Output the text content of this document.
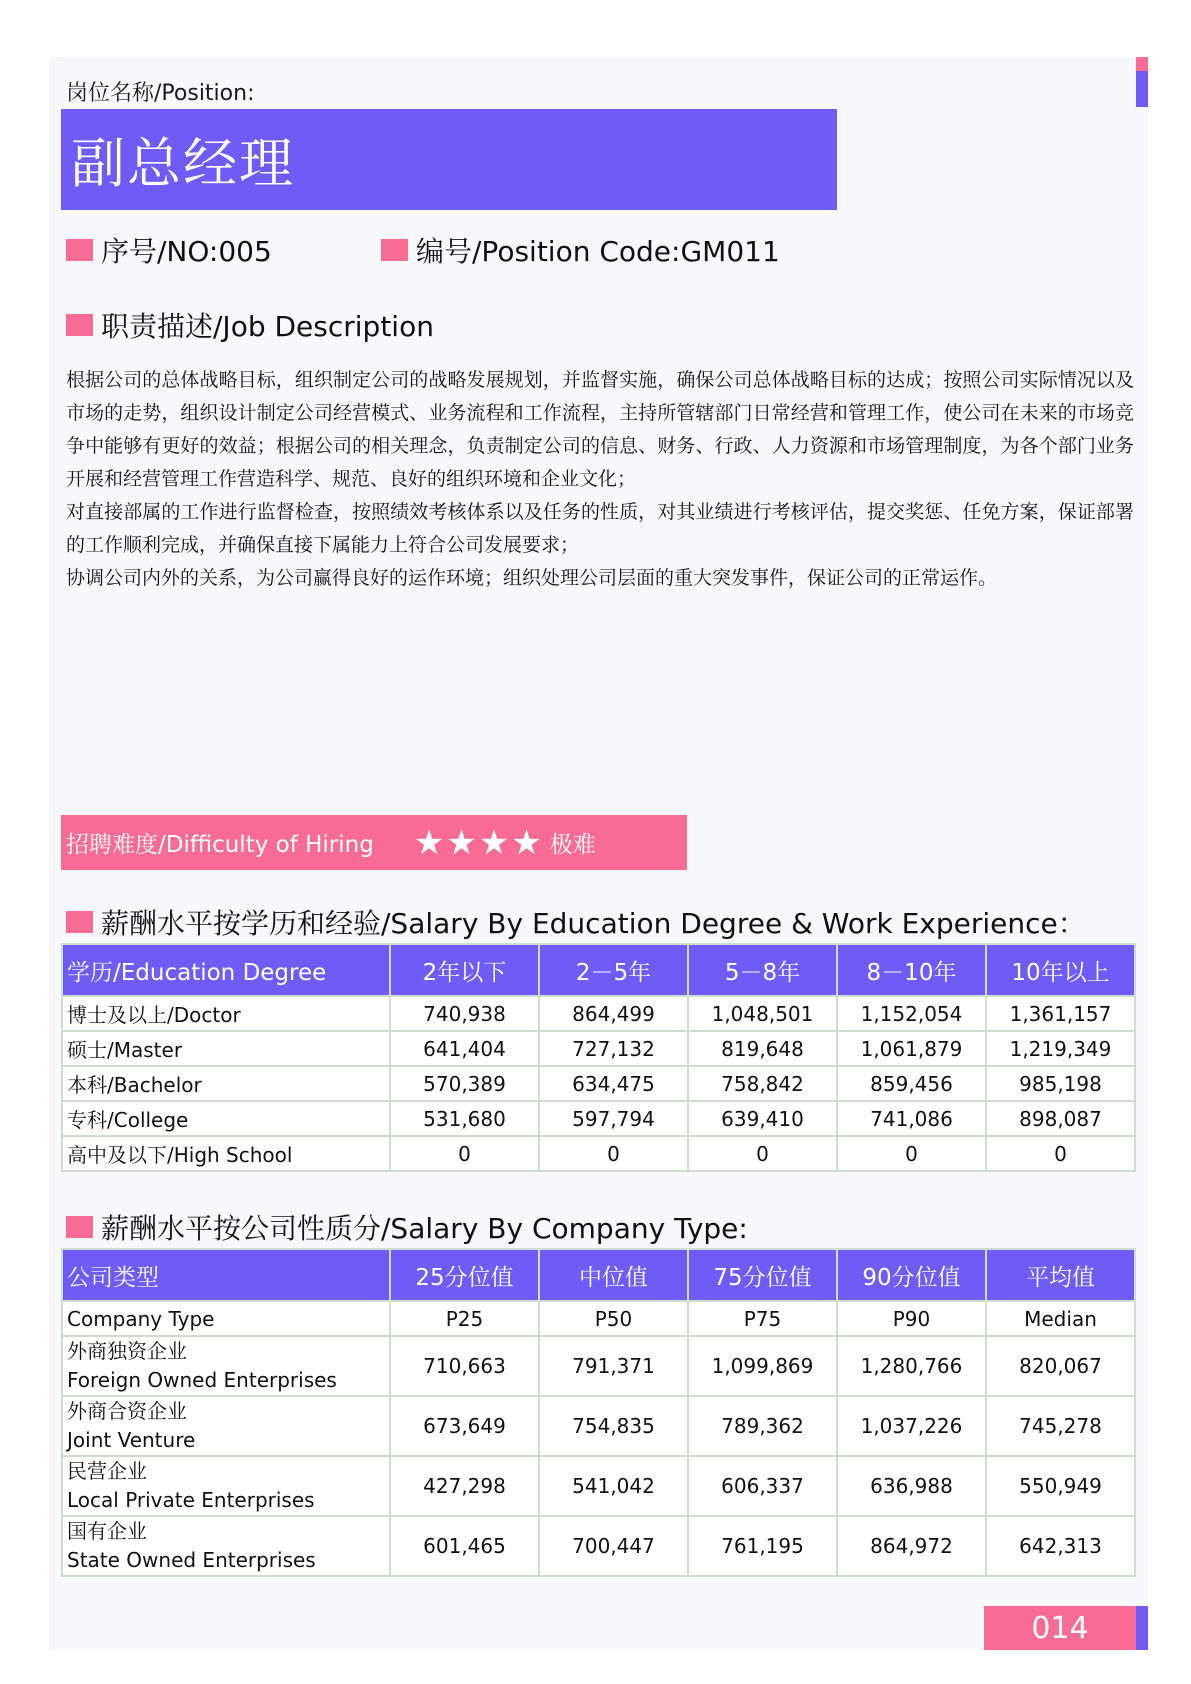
岗位名称/Position:
副总经理
序号/NO:005	编号/Position Code:GM011
职责描述/Job Description

根据公司的总体战略目标，组织制定公司的战略发展规划，并监督实施，确保公司总体战略目标的达成；按照公司实际情况以及市场的走势，组织设计制定公司经营模式、业务流程和工作流程，主持所管辖部门日常经营和管理工作，使公司在未来的市场竞争中能够有更好的效益；根据公司的相关理念，负责制定公司的信息、财务、行政、人力资源和市场管理制度，为各个部门业务开展和经营管理工作营造科学、规范、良好的组织环境和企业文化；

对直接部属的工作进行监督检查，按照绩效考核体系以及任务的性质，对其业绩进行考核评估，提交奖惩、任免方案，保证部署的工作顺利完成，并确保直接下属能力上符合公司发展要求；

协调公司内外的关系，为公司赢得良好的运作环境；组织处理公司层面的重大突发事件，保证公司的正常运作。

招聘难度/Difficulty of Hiring ★★★★ 极难
薪酬水平按学历和经验/Salary By Education Degree & Work Experience：
学历/Education Degree	2年以下	2－5年	5－8年	8－10年	10年以上
博士及以上/Doctor	740,938	864,499	1,048,501	1,152,054	1,361,157
硕士/Master	641,404	727,132	819,648	1,061,879	1,219,349
本科/Bachelor	570,389	634,475	758,842	859,456	985,198
专科/College	531,680	597,794	639,410	741,086	898,087
高中及以下/High School	0	0	0	0	0
薪酬水平按公司性质分/Salary By Company Type:
公司类型	25分位值	中位值	75分位值	90分位值	平均值
Company Type	P25	P50	P75	P90	Median

外商独资企业
Foreign Owned Enterprises	710,663	791,371	1,099,869	1,280,766	820,067

外商合资企业
Joint Venture	673,649	754,835	789,362	1,037,226	745,278

民营企业
Local Private Enterprises	427,298	541,042	606,337	636,988	550,949

国有企业
State Owned Enterprises	601,465	700,447	761,195	864,972	642,313
014
